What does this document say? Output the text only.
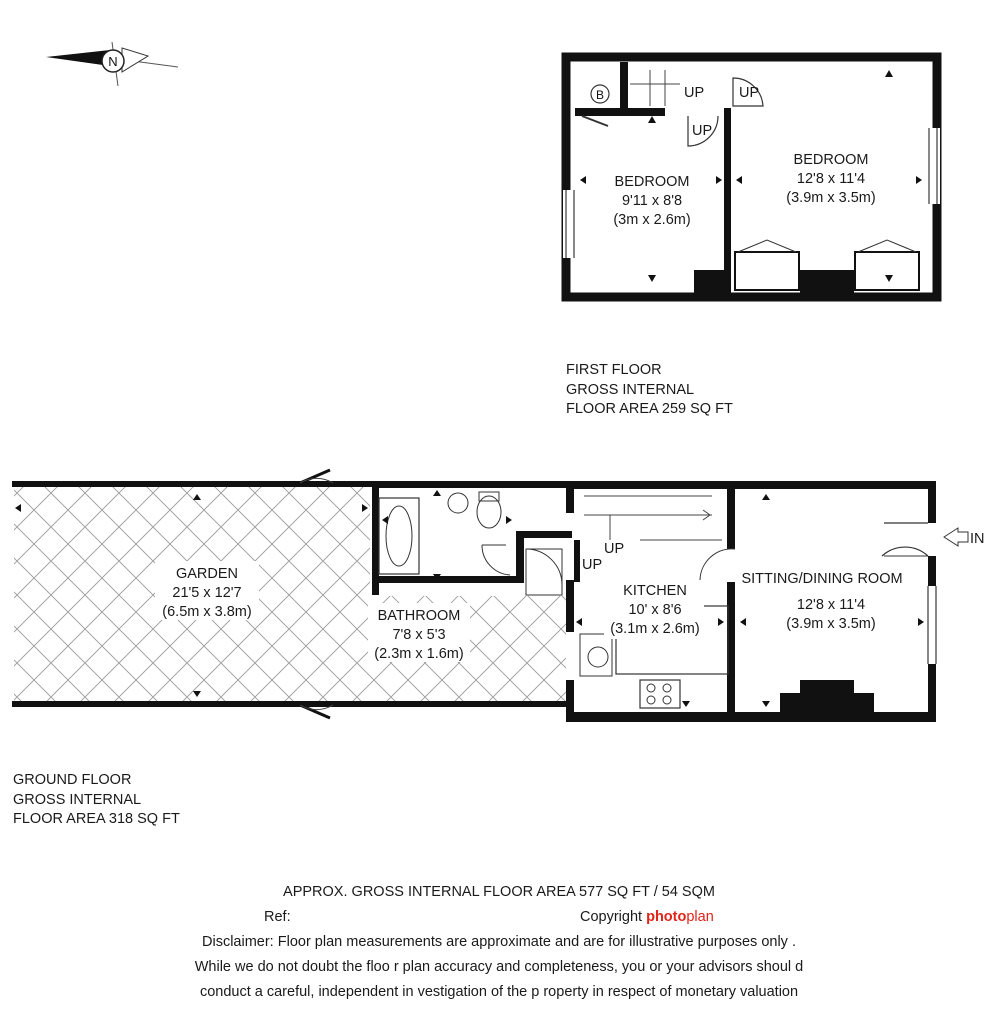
N
B	UP UP
UP
BEDROOM
9'11 x 8'8
(3m x 2.6m)
BEDROOM
12'8 x 11'4
(3.9m x 3.5m)
IN
UP
UP
GARDEN
21'5 x 12'7
(6.5m x 3.8m)	BATHROOM
7'8 x 5'3
(2.3m x 1.6m)
KITCHEN
10' x 8'6
(3.1m x 2.6m)
SITTING/DINING ROOM
12'8 x 11'4
(3.9m x 3.5m)
FIRST FLOOR
GROSS INTERNAL
FLOOR AREA 259 SQ FT
GROUND FLOOR
GROSS INTERNAL
FLOOR AREA 318 SQ FT
APPROX. GROSS INTERNAL FLOOR AREA 577 SQ FT / 54 SQM
Ref:	Copyright photoplan
Disclaimer: Floor plan measurements are approximate and are for illustrative purposes only .
While we do not doubt the floo r plan accuracy and completeness, you or your advisors shoul d
conduct a careful, independent in vestigation of the p roperty in respect of monetary valuation
